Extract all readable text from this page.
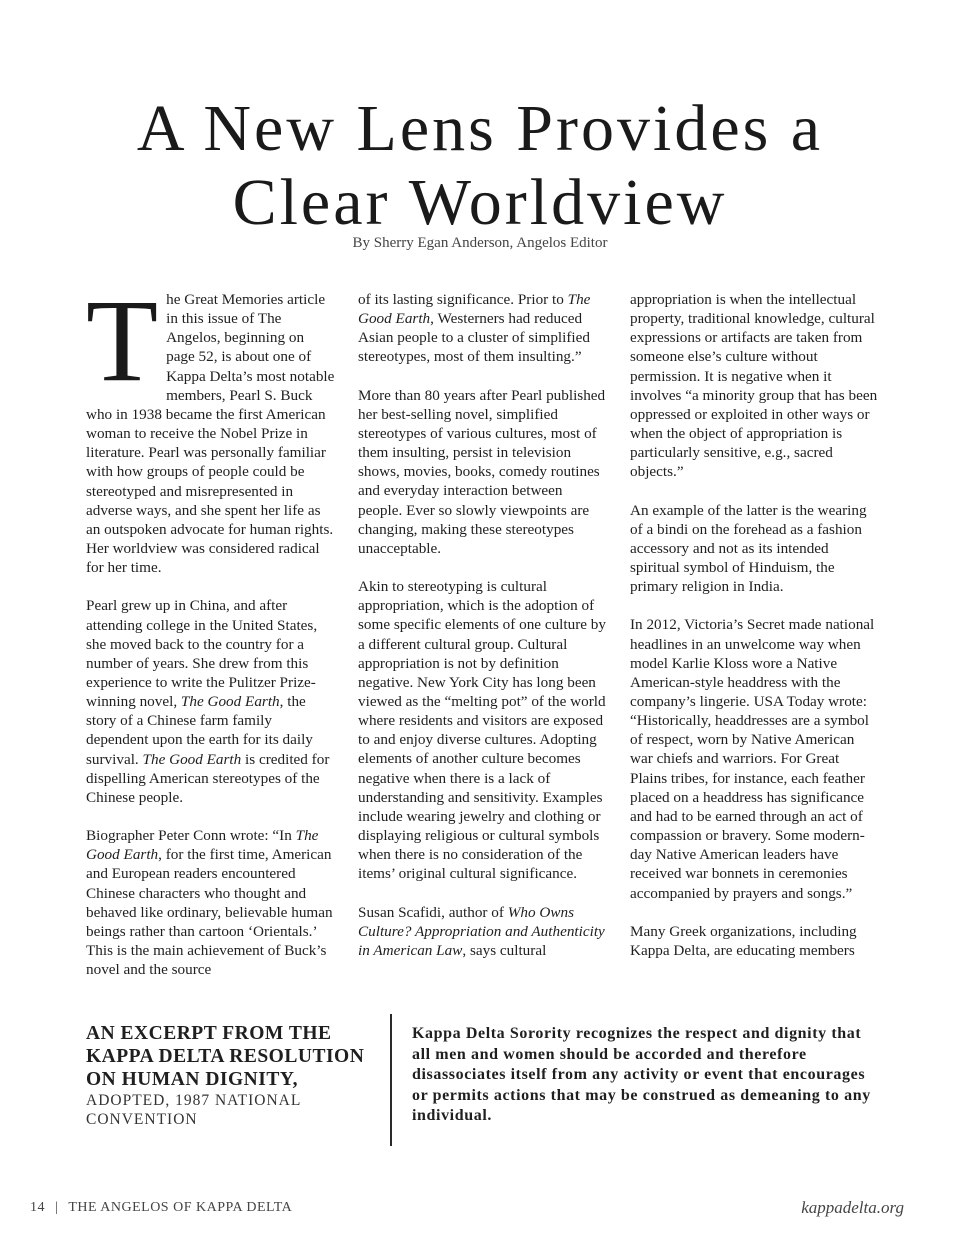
A New Lens Provides a
Clear Worldview
By Sherry Egan Anderson, Angelos Editor

The Great Memories article in this issue of The Angelos, beginning on page 52, is about one of Kappa Delta’s most notable members, Pearl S. Buck who in 1938 became the first American woman to receive the Nobel Prize in literature. Pearl was personally familiar with how groups of people could be stereotyped and misrepresented in adverse ways, and she spent her life as an outspoken advocate for human rights. Her worldview was considered radical for her time.

Pearl grew up in China, and after attending college in the United States, she moved back to the country for a number of years. She drew from this experience to write the Pulitzer Prize-winning novel, The Good Earth, the story of a Chinese farm family dependent upon the earth for its daily survival. The Good Earth is credited for dispelling American stereotypes of the Chinese people.

Biographer Peter Conn wrote: “In The Good Earth, for the first time, American and European readers encountered Chinese characters who thought and behaved like ordinary, believable human beings rather than cartoon ‘Orientals.’ This is the main achievement of Buck’s novel and the source

of its lasting significance. Prior to The Good Earth, Westerners had reduced Asian people to a cluster of simplified stereotypes, most of them insulting.”

More than 80 years after Pearl published her best-selling novel, simplified stereotypes of various cultures, most of them insulting, persist in television shows, movies, books, comedy routines and everyday interaction between people. Ever so slowly viewpoints are changing, making these stereotypes unacceptable.

Akin to stereotyping is cultural appropriation, which is the adoption of some specific elements of one culture by a different cultural group. Cultural appropriation is not by definition negative. New York City has long been viewed as the “melting pot” of the world where residents and visitors are exposed to and enjoy diverse cultures. Adopting elements of another culture becomes negative when there is a lack of understanding and sensitivity. Examples include wearing jewelry and clothing or displaying religious or cultural symbols when there is no consideration of the items’ original cultural significance.

Susan Scafidi, author of Who Owns Culture? Appropriation and Authenticity in American Law, says cultural

appropriation is when the intellectual property, traditional knowledge, cultural expressions or artifacts are taken from someone else’s culture without permission. It is negative when it involves “a minority group that has been oppressed or exploited in other ways or when the object of appropriation is particularly sensitive, e.g., sacred objects.”

An example of the latter is the wearing of a bindi on the forehead as a fashion accessory and not as its intended spiritual symbol of Hinduism, the primary religion in India.

In 2012, Victoria’s Secret made national headlines in an unwelcome way when model Karlie Kloss wore a Native American-style headdress with the company’s lingerie. USA Today wrote: “Historically, headdresses are a symbol of respect, worn by Native American war chiefs and warriors. For Great Plains tribes, for instance, each feather placed on a headdress has significance and had to be earned through an act of compassion or bravery. Some modern-day Native American leaders have received war bonnets in ceremonies accompanied by prayers and songs.”

Many Greek organizations, including Kappa Delta, are educating members

AN EXCERPT FROM THE KAPPA DELTA RESOLUTION ON HUMAN DIGNITY,

ADOPTED, 1987 NATIONAL CONVENTION

Kappa Delta Sorority recognizes the respect and dignity that all men and women should be accorded and therefore disassociates itself from any activity or event that encourages or permits actions that may be construed as demeaning to any individual.

14 | THE ANGELOS OF KAPPA DELTA	kappadelta.org
